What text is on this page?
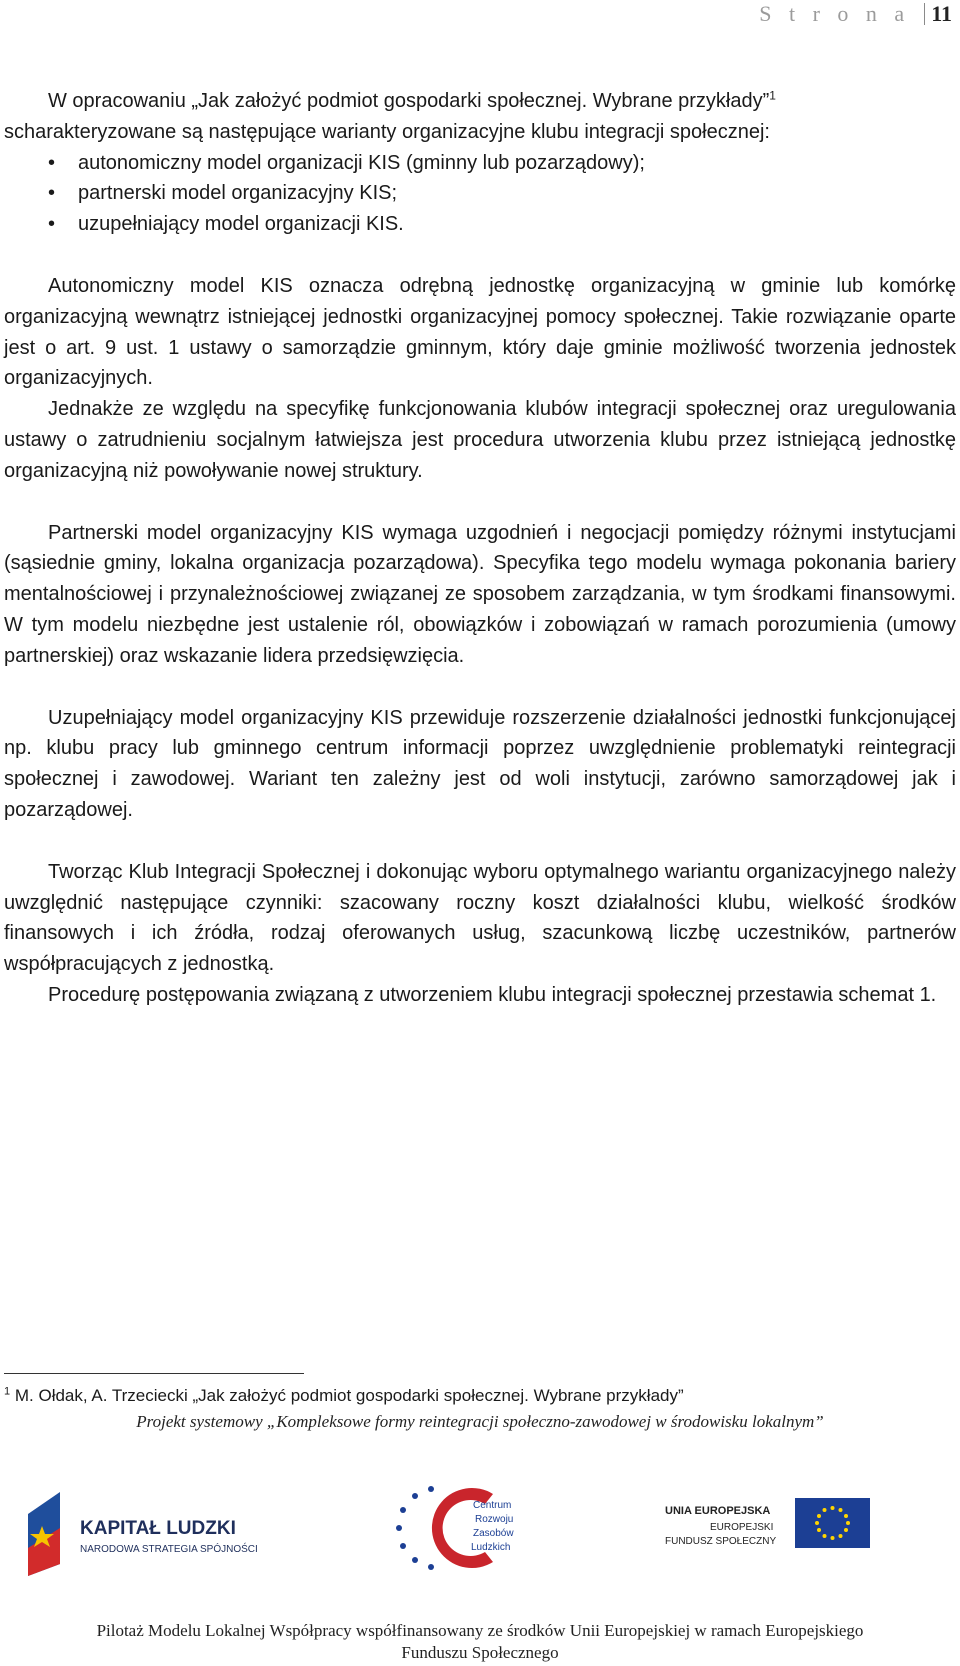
S t r o n a 11

W opracowaniu „Jak założyć podmiot gospodarki społecznej. Wybrane przykłady”$^1$

scharakteryzowane są następujące warianty organizacyjne klubu integracji społecznej:

• autonomiczny model organizacji KIS (gminny lub pozarządowy);
• partnerski model organizacyjny KIS;
• uzupełniający model organizacji KIS.

Autonomiczny model KIS oznacza odrębną jednostkę organizacyjną w gminie lub komórkę organizacyjną wewnątrz istniejącej jednostki organizacyjnej pomocy społecznej. Takie rozwiązanie oparte jest o art. 9 ust. 1 ustawy o samorządzie gminnym, który daje gminie możliwość tworzenia jednostek organizacyjnych.

Jednakże ze względu na specyfikę funkcjonowania klubów integracji społecznej oraz uregulowania ustawy o zatrudnieniu socjalnym łatwiejsza jest procedura utworzenia klubu przez istniejącą jednostkę organizacyjną niż powoływanie nowej struktury.

Partnerski model organizacyjny KIS wymaga uzgodnień i negocjacji pomiędzy różnymi instytucjami (sąsiednie gminy, lokalna organizacja pozarządowa). Specyfika tego modelu wymaga pokonania bariery mentalnościowej i przynależnościowej związanej ze sposobem zarządzania, w tym środkami finansowymi. W tym modelu niezbędne jest ustalenie ról, obowiązków i zobowiązań w ramach porozumienia (umowy partnerskiej) oraz wskazanie lidera przedsięwzięcia.

Uzupełniający model organizacyjny KIS przewiduje rozszerzenie działalności jednostki funkcjonującej np. klubu pracy lub gminnego centrum informacji poprzez uwzględnienie problematyki reintegracji społecznej i zawodowej. Wariant ten zależny jest od woli instytucji, zarówno samorządowej jak i pozarządowej.

Tworząc Klub Integracji Społecznej i dokonując wyboru optymalnego wariantu organizacyjnego należy uwzględnić następujące czynniki: szacowany roczny koszt działalności klubu, wielkość środków finansowych i ich źródła, rodzaj oferowanych usług, szacunkową liczbę uczestników, partnerów współpracujących z jednostką.

Procedurę postępowania związaną z utworzeniem klubu integracji społecznej przestawia schemat 1.

$^1$ M. Ołdak, A. Trzeciecki „Jak założyć podmiot gospodarki społecznej. Wybrane przykłady”
Projekt systemowy „Kompleksowe formy reintegracji społeczno-zawodowej w środowisku lokalnym”
KAPITAŁ LUDZKI
NARODOWA STRATEGIA SPÓJNOŚCI
Centrum
Rozwoju
Zasobów
Ludzkich
UNIA EUROPEJSKA
EUROPEJSKI
FUNDUSZ SPOŁECZNY
Pilotaż Modelu Lokalnej Współpracy współfinansowany ze środków Unii Europejskiej w ramach Europejskiego
Funduszu Społecznego
